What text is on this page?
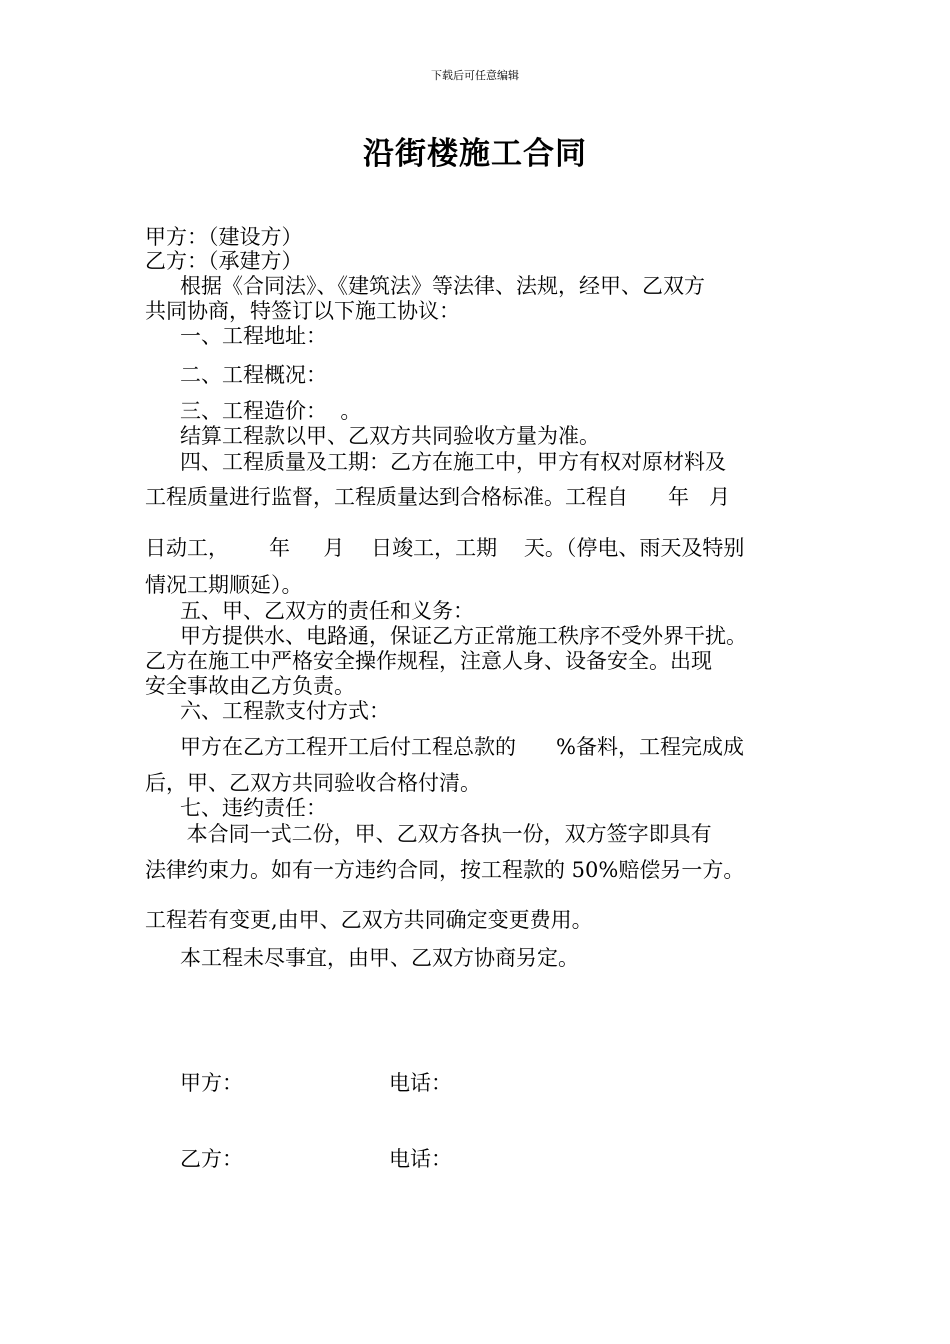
下载后可任意编辑
沿街楼施工合同
甲方：（建设方）
乙方：（承建方）
根据《合同法》、《建筑法》等法律、法规，经甲、乙双方
共同协商，特签订以下施工协议：
一、工程地址：
二、工程概况：
三、工程造价：  。
结算工程款以甲、乙双方共同验收方量为准。
四、工程质量及工期：乙方在施工中，甲方有权对原材料及
工程质量进行监督，工程质量达到合格标准。工程自      年   月
日动工，      年     月    日竣工，工期    天。（停电、雨天及特别
情况工期顺延）。
五、甲、乙双方的责任和义务：
甲方提供水、电路通，保证乙方正常施工秩序不受外界干扰。
乙方在施工中严格安全操作规程，注意人身、设备安全。出现
安全事故由乙方负责。
六、工程款支付方式：
甲方在乙方工程开工后付工程总款的      %备料，工程完成成
后，甲、乙双方共同验收合格付清。
七、违约责任：
本合同一式二份，甲、乙双方各执一份，双方签字即具有
法律约束力。如有一方违约合同，按工程款的 50%赔偿另一方。
工程若有变更,由甲、乙双方共同确定变更费用。
本工程未尽事宜，由甲、乙双方协商另定。
甲方：	电话：
乙方：	电话：
